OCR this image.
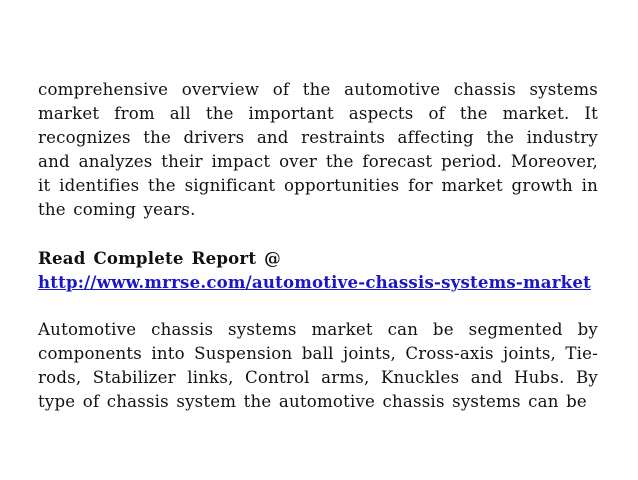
comprehensive overview of the automotive chassis systems market from all the important aspects of the market. It recognizes the drivers and restraints affecting the industry and analyzes their impact over the forecast period. Moreover, it identifies the significant opportunities for market growth in the coming years.

Read Complete Report @ http://www.mrrse.com/automotive-chassis-systems-market

Automotive chassis systems market can be segmented by components into Suspension ball joints, Cross-axis joints, Tie-rods, Stabilizer links, Control arms, Knuckles and Hubs. By type of chassis system the automotive chassis systems can be
